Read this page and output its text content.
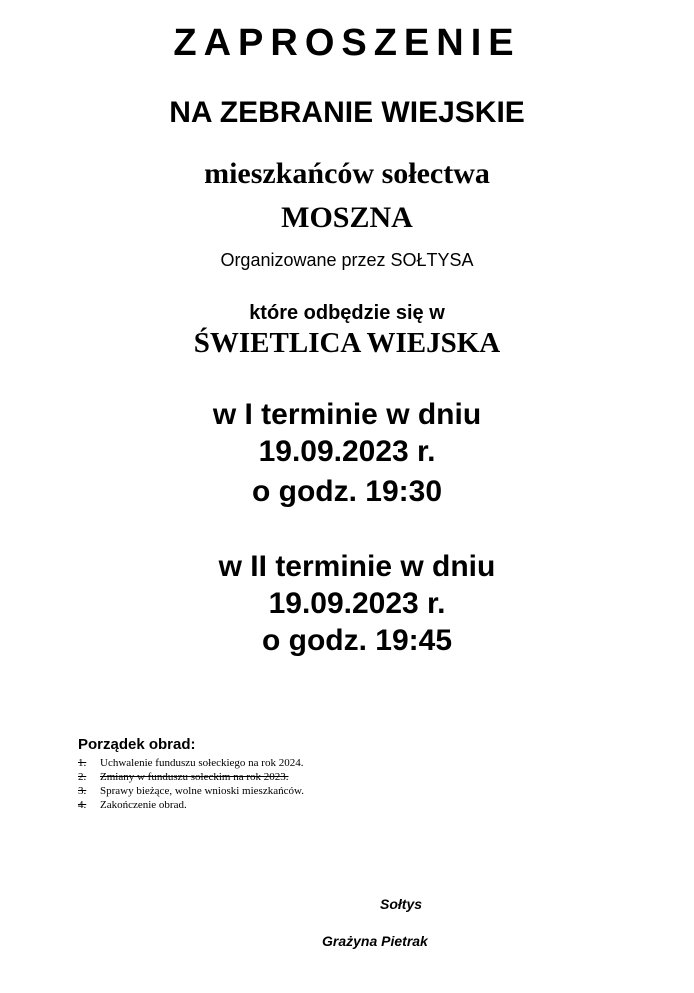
ZAPROSZENIE
NA ZEBRANIE WIEJSKIE

mieszkańców sołectwa

MOSZNA

Organizowane przez SOŁTYSA

które odbędzie się w

ŚWIETLICA WIEJSKA

w I terminie w dniu

19.09.2023 r.

o godz. 19:30

w II terminie w dniu

19.09.2023 r.

o godz. 19:45

Porządek obrad:
1. Uchwalenie funduszu sołeckiego na rok 2024.
2. Zmiany w funduszu sołeckim na rok 2023.
3. Sprawy bieżące, wolne wnioski mieszkańców.
4. Zakończenie obrad.
Sołtys
Grażyna Pietrak
